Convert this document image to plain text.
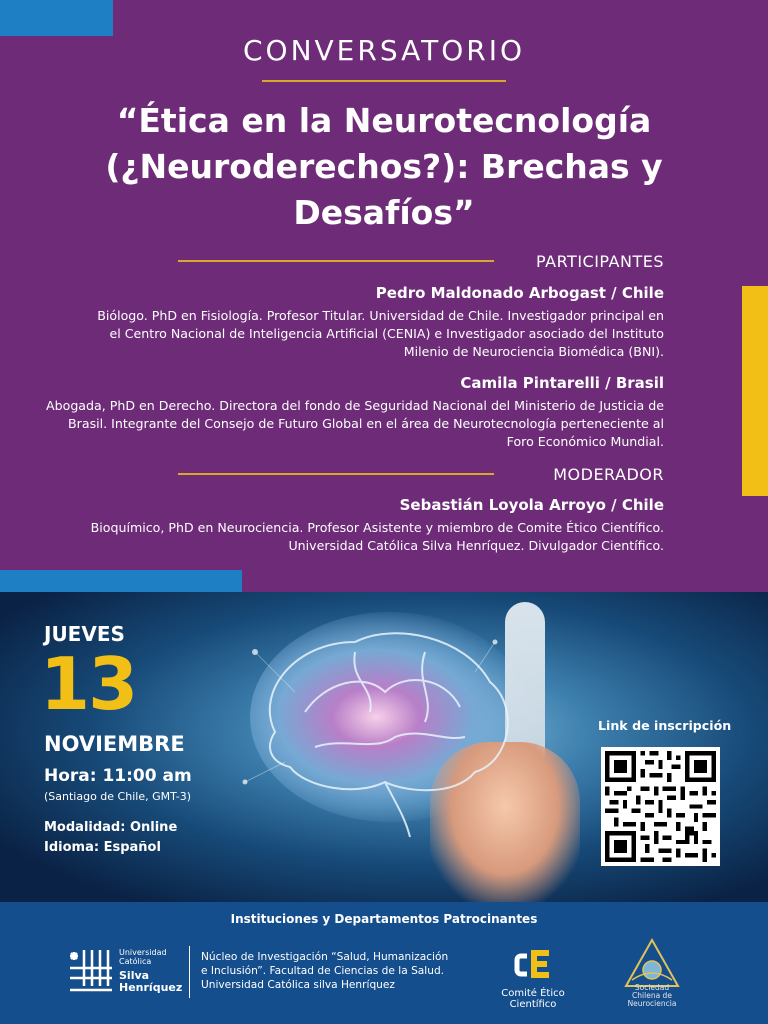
CONVERSATORIO
“Ética en la Neurotecnología (¿Neuroderechos?): Brechas y Desafíos”
PARTICIPANTES
Pedro Maldonado Arbogast / Chile
Biólogo. PhD en Fisiología. Profesor Titular. Universidad de Chile. Investigador principal en el Centro Nacional de Inteligencia Artificial (CENIA) e Investigador asociado del Instituto Milenio de Neurociencia Biomédica (BNI).
Camila Pintarelli / Brasil
Abogada, PhD en Derecho. Directora del fondo de Seguridad Nacional del Ministerio de Justicia de Brasil. Integrante del Consejo de Futuro Global en el área de Neurotecnología perteneciente al Foro Económico Mundial.
MODERADOR
Sebastián Loyola Arroyo / Chile
Bioquímico, PhD en Neurociencia. Profesor Asistente y miembro de Comite Ético Científico. Universidad Católica Silva Henríquez. Divulgador Científico.
JUEVES
13
NOVIEMBRE
Hora: 11:00 am
(Santiago de Chile, GMT-3)
Modalidad: Online
Idioma: Español
Link de inscripción
Instituciones y Departamentos Patrocinantes
Universidad
Católica
Silva
Henríquez
Núcleo de Investigación “Salud, Humanización e Inclusión”. Facultad de Ciencias de la Salud. Universidad Católica silva Henríquez
Comité Ético
Científico
Sociedad
Chilena de
Neurociencia
